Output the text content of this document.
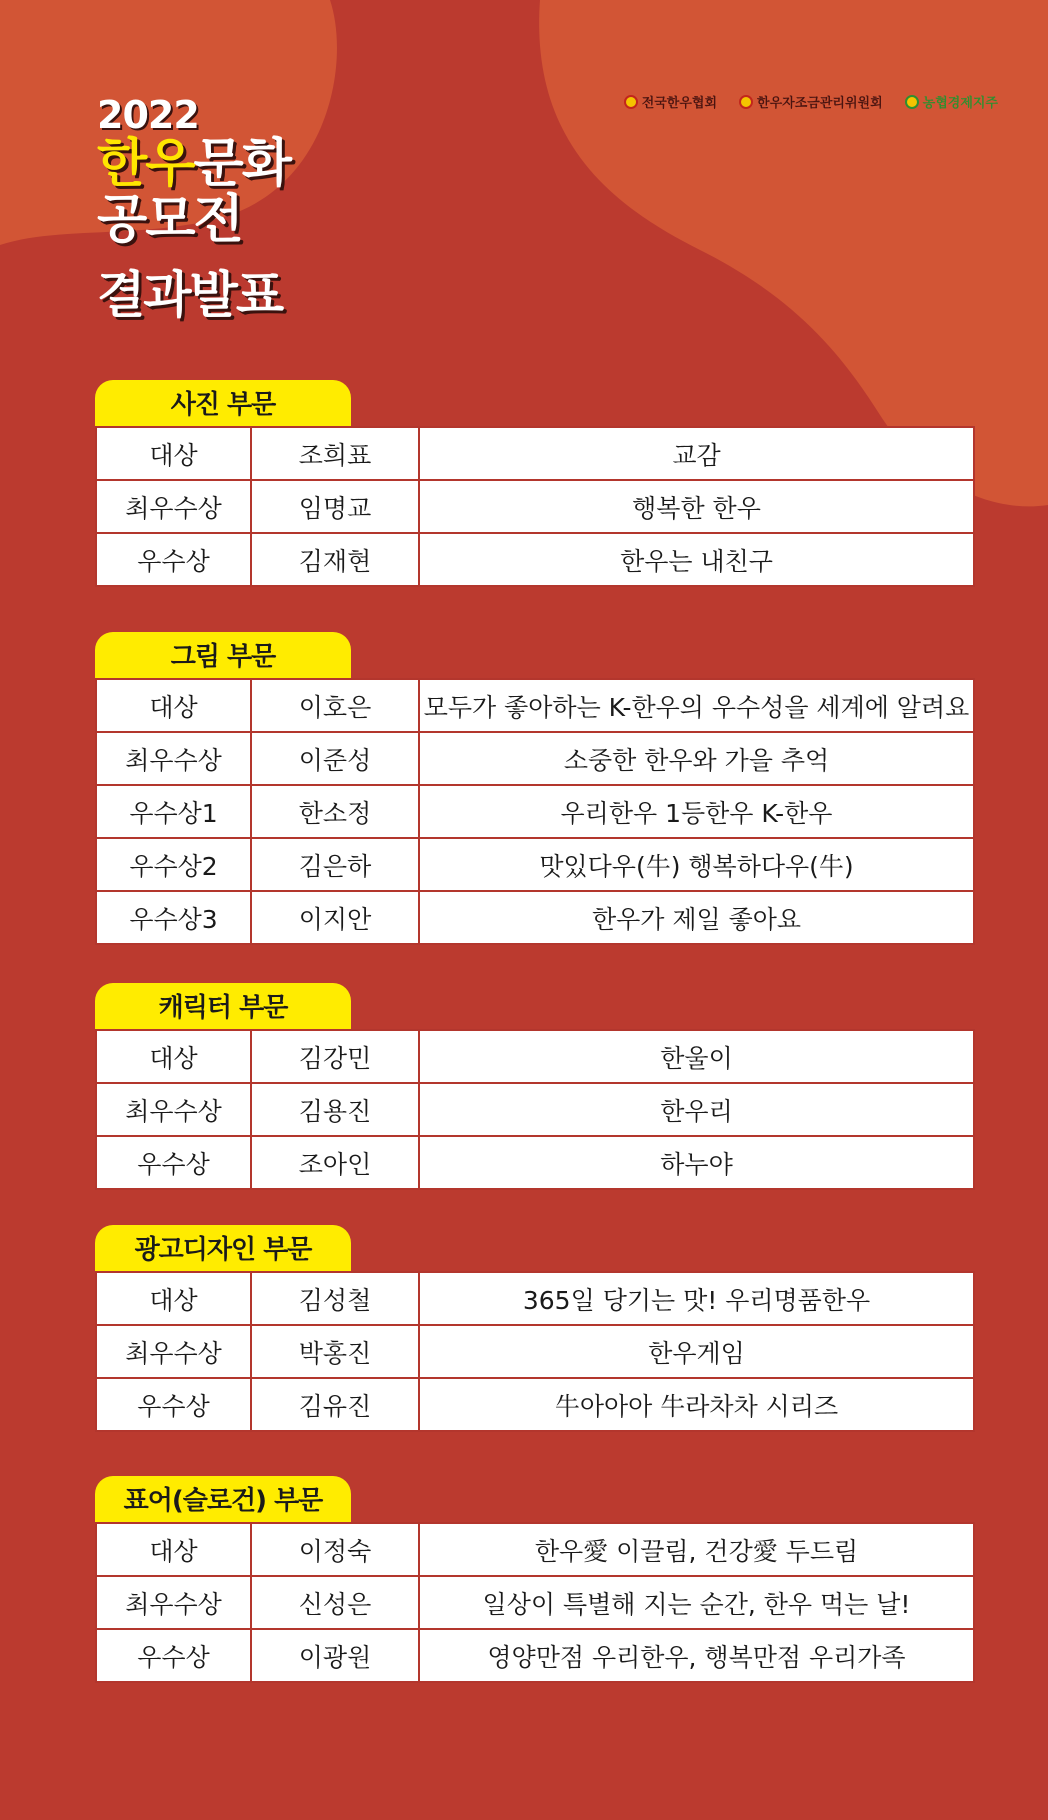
전국한우협회	한우자조금관리위원회	농협경제지주
2022
한우문화
공모전
결과발표
사진 부문
대상	조희표	교감
최우수상	임명교	행복한 한우
우수상	김재현	한우는 내친구
그림 부문
대상	이호은	모두가 좋아하는 K-한우의 우수성을 세계에 알려요
최우수상	이준성	소중한 한우와 가을 추억
우수상1	한소정	우리한우 1등한우 K-한우
우수상2	김은하	맛있다우(牛) 행복하다우(牛)
우수상3	이지안	한우가 제일 좋아요
캐릭터 부문
대상	김강민	한울이
최우수상	김용진	한우리
우수상	조아인	하누야
광고디자인 부문
대상	김성철	365일 당기는 맛! 우리명품한우
최우수상	박홍진	한우게임
우수상	김유진	牛아아아 牛라차차 시리즈
표어(슬로건) 부문
대상	이정숙	한우愛 이끌림, 건강愛 두드림
최우수상	신성은	일상이 특별해 지는 순간, 한우 먹는 날!
우수상	이광원	영양만점 우리한우, 행복만점 우리가족
